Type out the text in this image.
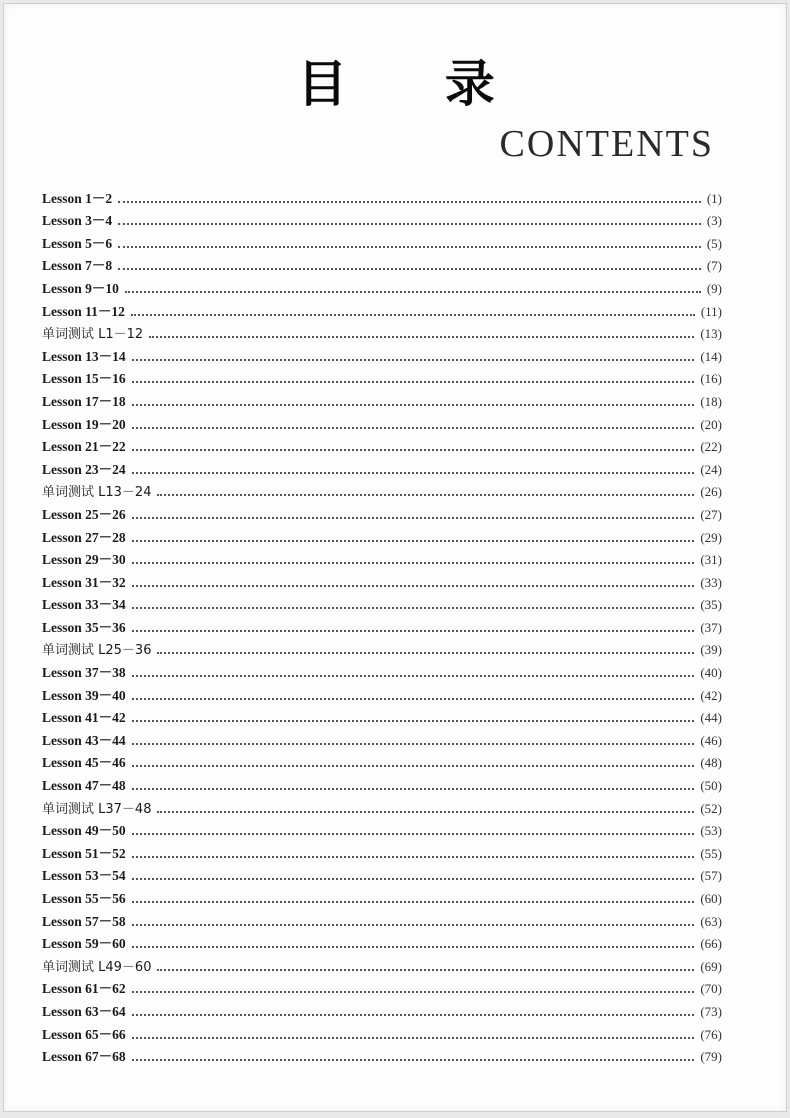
目 录
CONTENTS
Lesson 1－2	(1)
Lesson 3－4	(3)
Lesson 5－6	(5)
Lesson 7－8	(7)
Lesson 9－10	(9)
Lesson 11－12	(11)
单词测试 L1－12	(13)
Lesson 13－14	(14)
Lesson 15－16	(16)
Lesson 17－18	(18)
Lesson 19－20	(20)
Lesson 21－22	(22)
Lesson 23－24	(24)
单词测试 L13－24	(26)
Lesson 25－26	(27)
Lesson 27－28	(29)
Lesson 29－30	(31)
Lesson 31－32	(33)
Lesson 33－34	(35)
Lesson 35－36	(37)
单词测试 L25－36	(39)
Lesson 37－38	(40)
Lesson 39－40	(42)
Lesson 41－42	(44)
Lesson 43－44	(46)
Lesson 45－46	(48)
Lesson 47－48	(50)
单词测试 L37－48	(52)
Lesson 49－50	(53)
Lesson 51－52	(55)
Lesson 53－54	(57)
Lesson 55－56	(60)
Lesson 57－58	(63)
Lesson 59－60	(66)
单词测试 L49－60	(69)
Lesson 61－62	(70)
Lesson 63－64	(73)
Lesson 65－66	(76)
Lesson 67－68	(79)
